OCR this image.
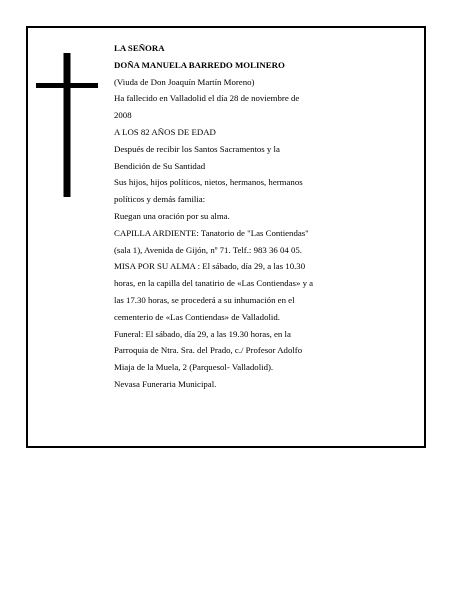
LA SEÑORA
DOÑA MANUELA BARREDO MOLINERO
(Viuda de Don Joaquín Martín Moreno)
Ha fallecido en Valladolid el día 28 de noviembre de
2008
A LOS 82 AÑOS DE EDAD
Después de recibir los Santos Sacramentos y la
Bendición de Su Santidad
Sus hijos, hijos políticos, nietos, hermanos, hermanos
políticos y demás familia:
Ruegan una oración por su alma.
CAPILLA ARDIENTE: Tanatorio de "Las Contiendas"
(sala 1), Avenida de Gijón, nº 71. Telf.: 983 36 04 05.
MISA POR SU ALMA : El sábado, día 29, a las 10.30
horas, en la capilla del tanatirio de «Las Contiendas» y a
las 17.30 horas, se procederá a su inhumación en el
cementerio de «Las Contiendas» de Valladolid.
Funeral: El sábado, día 29, a las 19.30 horas, en la
Parroquia de Ntra. Sra. del Prado, c./ Profesor Adolfo
Miaja de la Muela, 2 (Parquesol- Valladolid).
Nevasa Funeraria Municipal.
